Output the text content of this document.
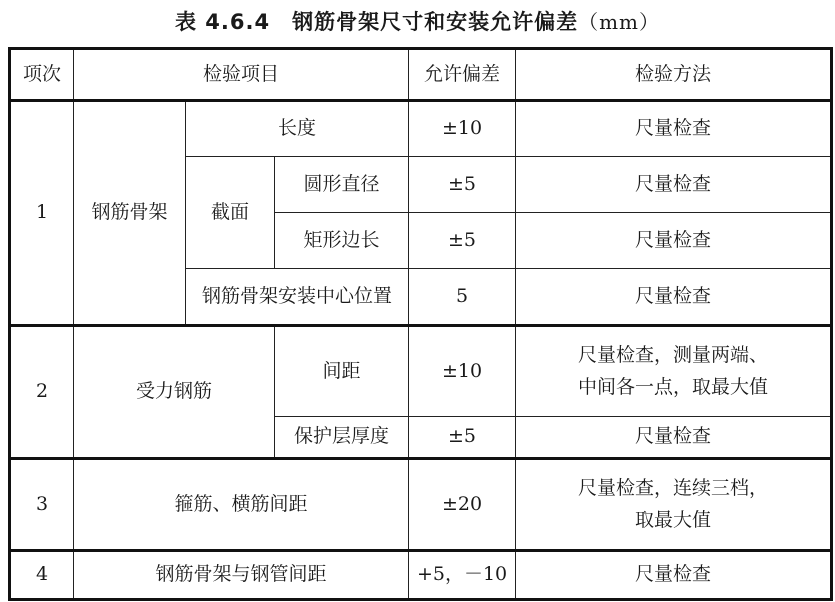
表 4.6.4　钢筋骨架尺寸和安装允许偏差（mm）
项次	检验项目			允许偏差	检验方法
1	钢筋骨架	长度		±10	尺量检查
		截面	圆形直径	±5	尺量检查
			矩形边长	±5	尺量检查
		钢筋骨架安装中心位置		5	尺量检查
2	受力钢筋		间距	±10	尺量检查，测量两端、
中间各一点，取最大值

			保护层厚度	±5	尺量检查
3	箍筋、横筋间距			±20	尺量检查，连续三档，
取最大值

4	钢筋骨架与钢管间距			+5，－10	尺量检查
